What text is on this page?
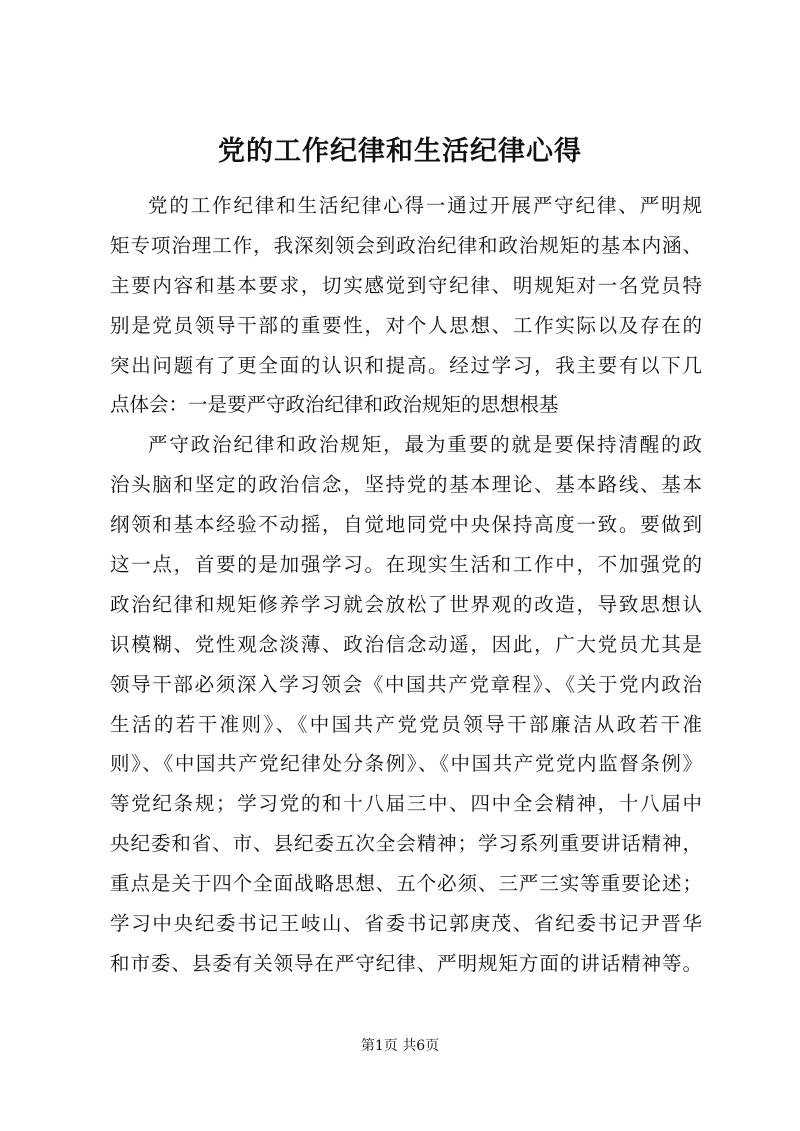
党的工作纪律和生活纪律心得
党的工作纪律和生活纪律心得一通过开展严守纪律、严明规
矩专项治理工作，我深刻领会到政治纪律和政治规矩的基本内涵、
主要内容和基本要求，切实感觉到守纪律、明规矩对一名党员特
别是党员领导干部的重要性，对个人思想、工作实际以及存在的
突出问题有了更全面的认识和提高。经过学习，我主要有以下几
点体会：一是要严守政治纪律和政治规矩的思想根基
严守政治纪律和政治规矩，最为重要的就是要保持清醒的政
治头脑和坚定的政治信念，坚持党的基本理论、基本路线、基本
纲领和基本经验不动摇，自觉地同党中央保持高度一致。要做到
这一点，首要的是加强学习。在现实生活和工作中，不加强党的
政治纪律和规矩修养学习就会放松了世界观的改造，导致思想认
识模糊、党性观念淡薄、政治信念动遥，因此，广大党员尤其是
领导干部必须深入学习领会《中国共产党章程》、《关于党内政治
生活的若干准则》、《中国共产党党员领导干部廉洁从政若干准
则》、《中国共产党纪律处分条例》、《中国共产党党内监督条例》
等党纪条规；学习党的和十八届三中、四中全会精神，十八届中
央纪委和省、市、县纪委五次全会精神；学习系列重要讲话精神，
重点是关于四个全面战略思想、五个必须、三严三实等重要论述；
学习中央纪委书记王岐山、省委书记郭庚茂、省纪委书记尹晋华
和市委、县委有关领导在严守纪律、严明规矩方面的讲话精神等。
第1页 共6页
